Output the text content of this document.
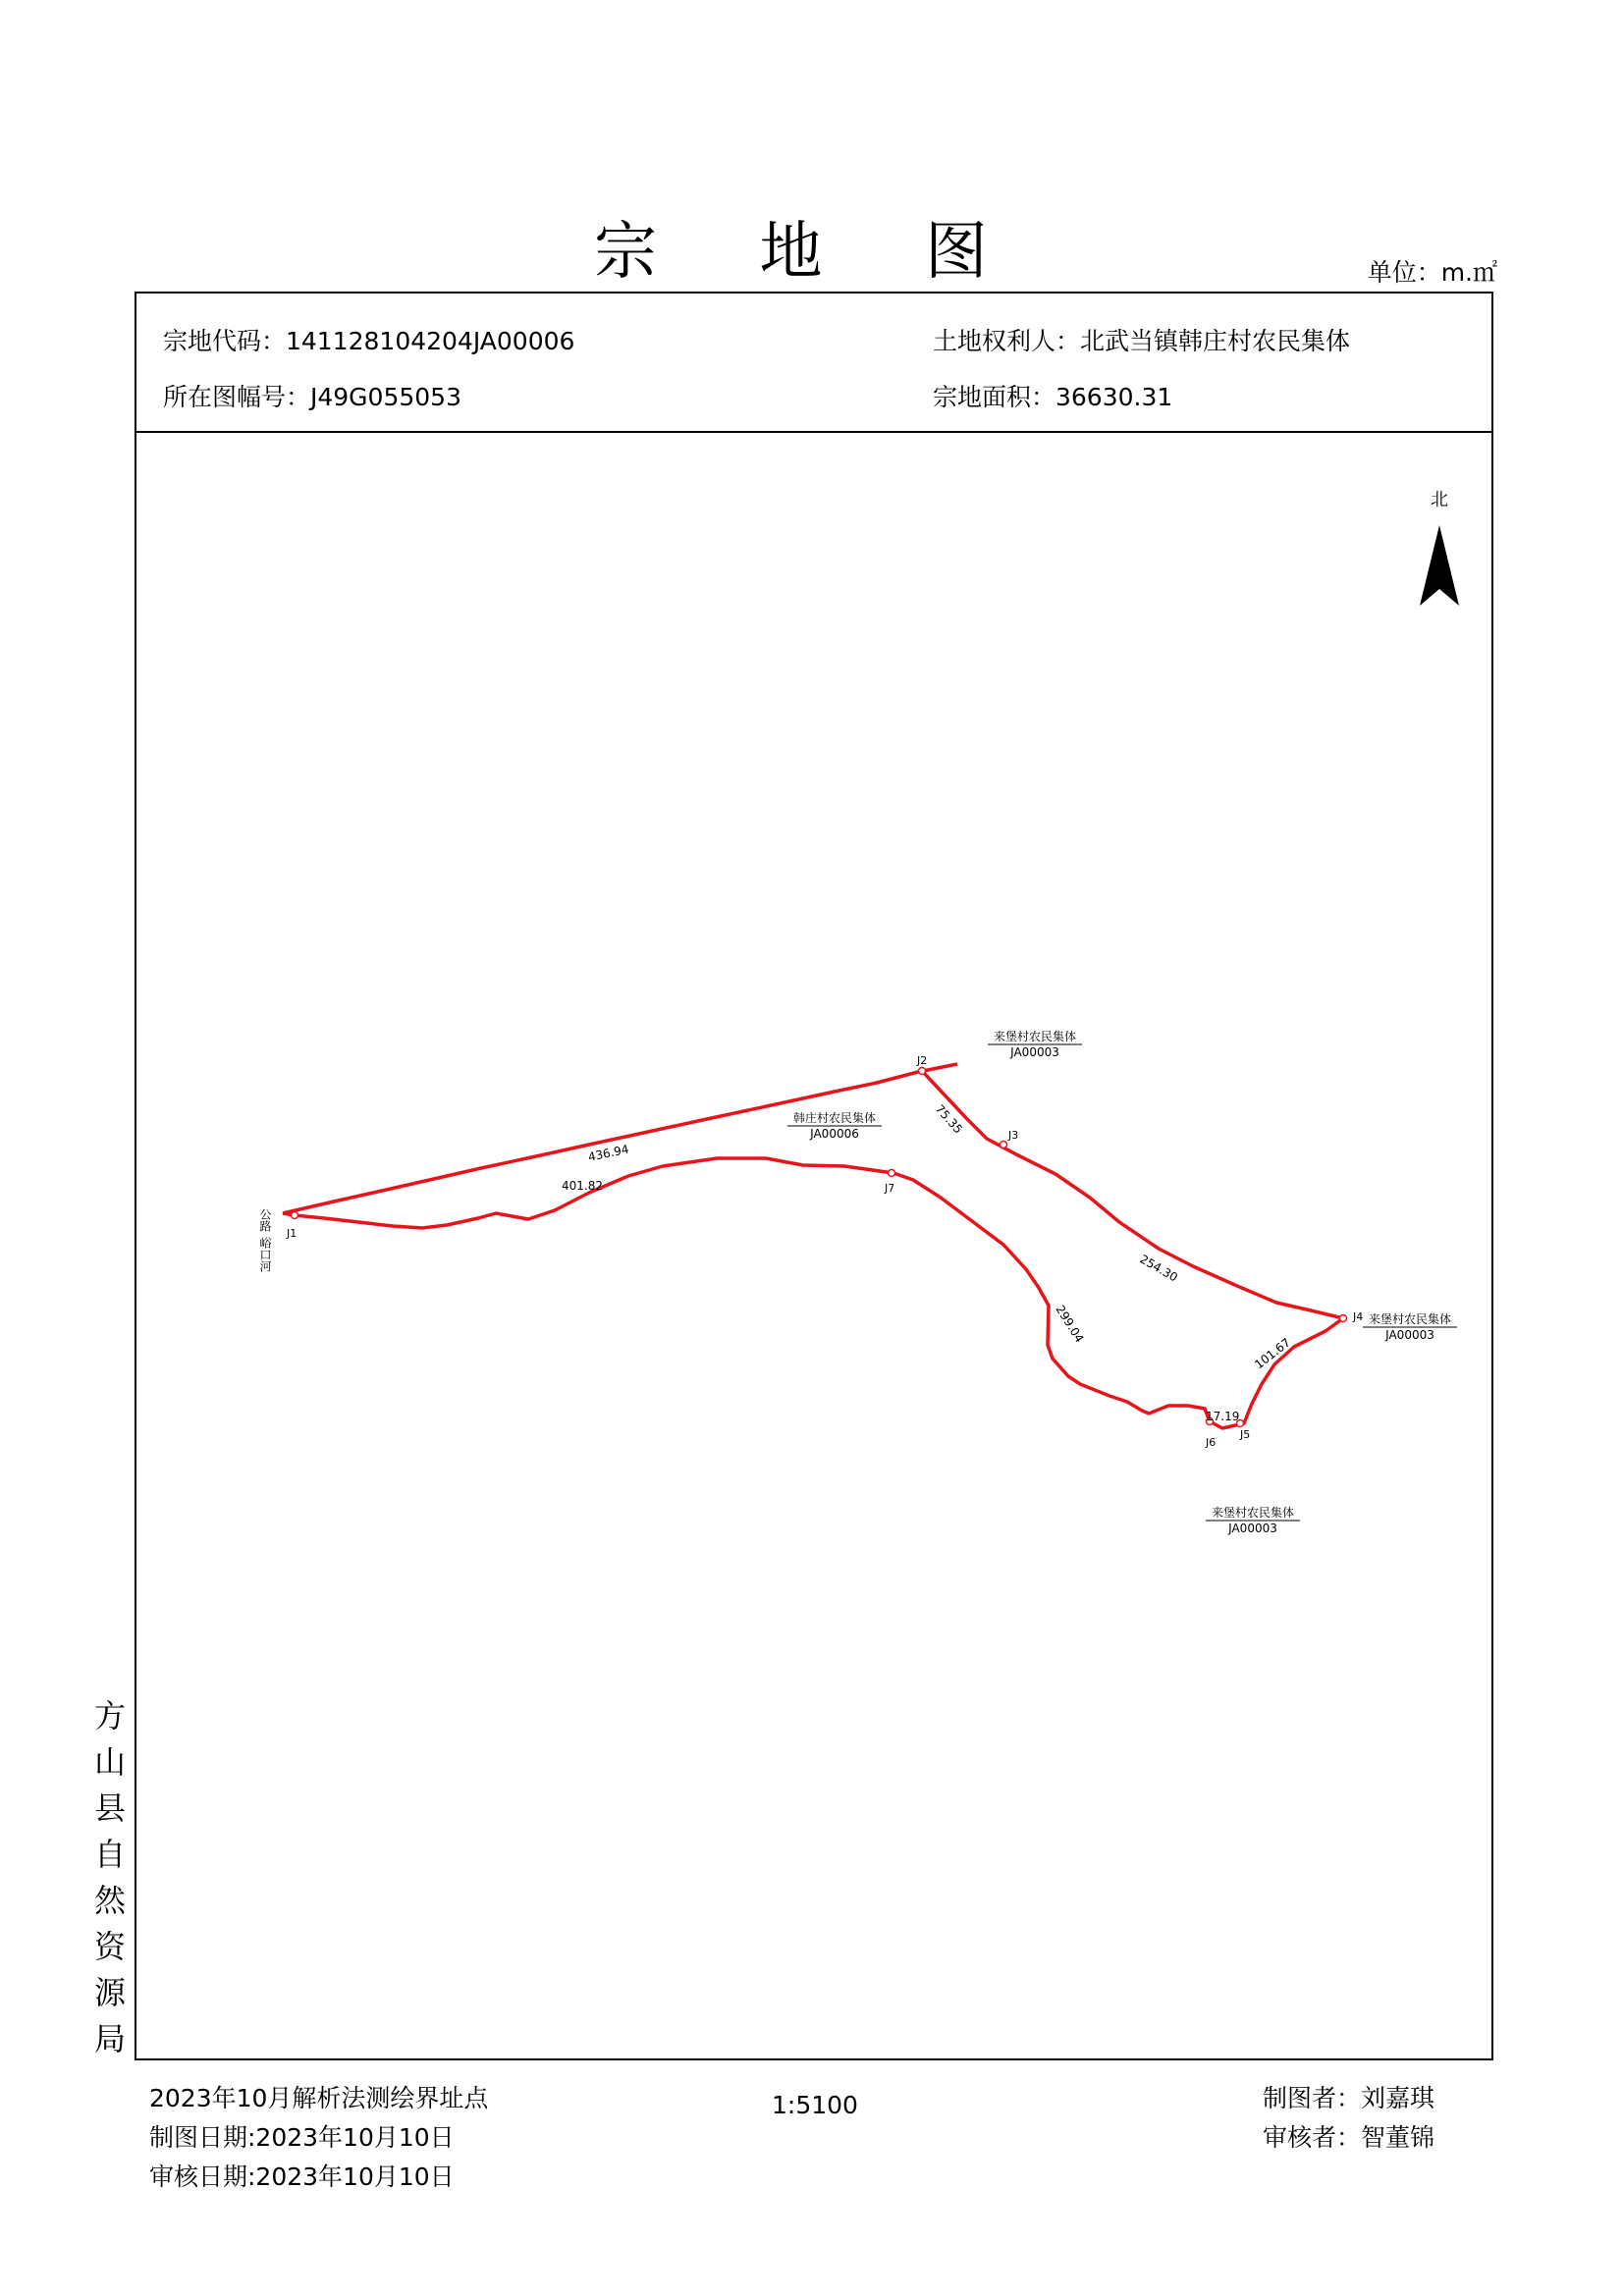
宗 地 图	单位：m.㎡
宗地代码：141128104204JA00006	土地权利人：北武当镇韩庄村农民集体
所在图幅号：J49G055053	宗地面积：36630.31
北
J1
J2
J3
J4
J5
J6
J7
436.94
401.82
75.35
254.30
299.04
101.67
17.19
来堡村农民集体
JA00003
韩庄村农民集体
JA00006
来堡村农民集体
JA00003
来堡村农民集体
JA00003
公路
峪口河
方
山
县
自
然
资
源
局
2023年10月解析法测绘界址点
制图日期:2023年10月10日
审核日期:2023年10月10日
1:5100	制图者：刘嘉琪
审核者：智董锦
